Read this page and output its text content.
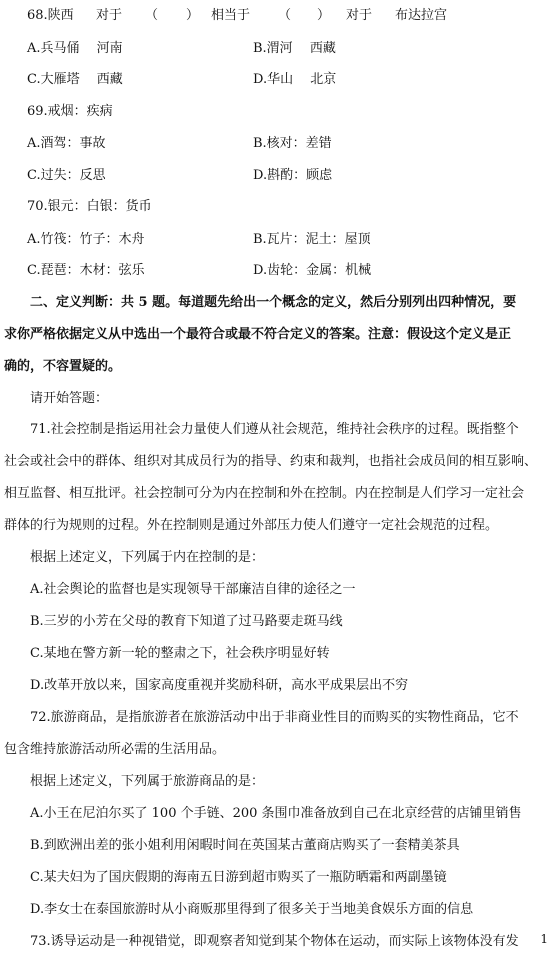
68.陕西 对于 （ ） 相当于 （ ） 对于 布达拉宫
A.兵马俑　 河南	B.渭河　 西藏
C.大雁塔　 西藏	D.华山　 北京
69.戒烟：疾病
A.酒驾：事故	B.核对：差错
C.过失：反思	D.斟酌：顾虑
70.银元：白银：货币
A.竹筏：竹子：木舟	B.瓦片：泥土：屋顶
C.琵琶：木材：弦乐	D.齿轮：金属：机械
二、定义判断：共 5 题。每道题先给出一个概念的定义，然后分别列出四种情况，要
求你严格依据定义从中选出一个最符合或最不符合定义的答案。注意：假设这个定义是正
确的，不容置疑的。
请开始答题：
71.社会控制是指运用社会力量使人们遵从社会规范，维持社会秩序的过程。既指整个
社会或社会中的群体、组织对其成员行为的指导、约束和裁判，也指社会成员间的相互影响、
相互监督、相互批评。社会控制可分为内在控制和外在控制。内在控制是人们学习一定社会
群体的行为规则的过程。外在控制则是通过外部压力使人们遵守一定社会规范的过程。
根据上述定义，下列属于内在控制的是：
A.社会舆论的监督也是实现领导干部廉洁自律的途径之一
B.三岁的小芳在父母的教育下知道了过马路要走斑马线
C.某地在警方新一轮的整肃之下，社会秩序明显好转
D.改革开放以来，国家高度重视并奖励科研，高水平成果层出不穷
72.旅游商品，是指旅游者在旅游活动中出于非商业性目的而购买的实物性商品，它不
包含维持旅游活动所必需的生活用品。
根据上述定义，下列属于旅游商品的是：
A.小王在尼泊尔买了 100 个手链、200 条围巾准备放到自己在北京经营的店铺里销售
B.到欧洲出差的张小姐利用闲暇时间在英国某古董商店购买了一套精美茶具
C.某夫妇为了国庆假期的海南五日游到超市购买了一瓶防晒霜和两副墨镜
D.李女士在泰国旅游时从小商贩那里得到了很多关于当地美食娱乐方面的信息
73.诱导运动是一种视错觉，即观察者知觉到某个物体在运动，而实际上该物体没有发 1
